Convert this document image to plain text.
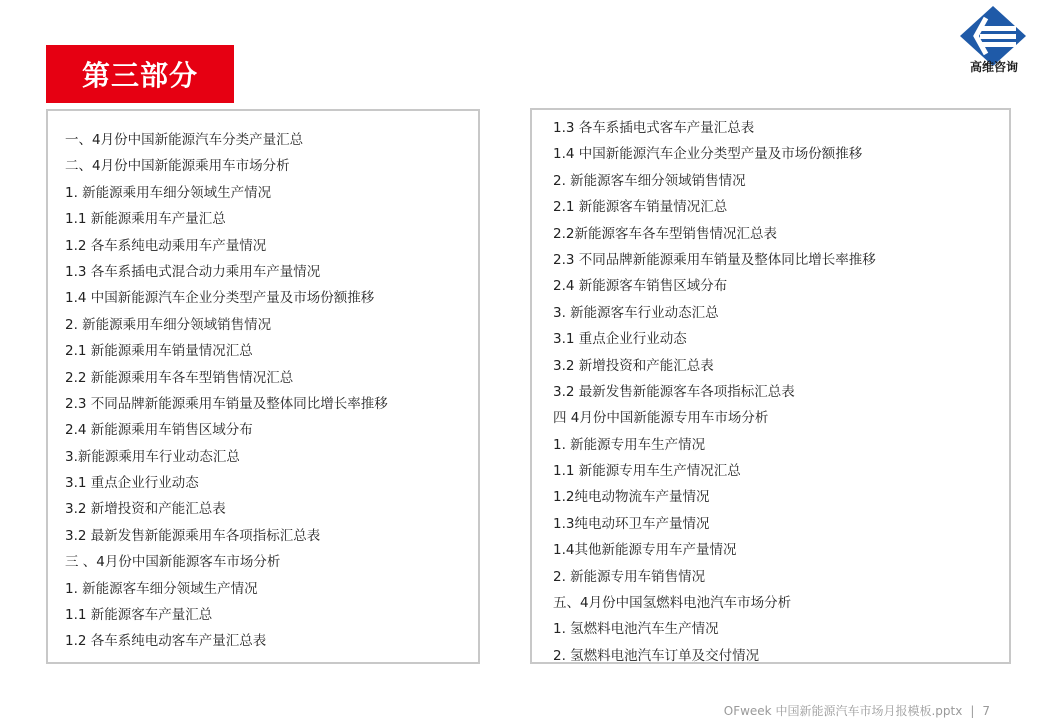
第三部分	高维咨询
一、4月份中国新能源汽车分类产量汇总
二、4月份中国新能源乘用车市场分析
1. 新能源乘用车细分领域生产情况
1.1 新能源乘用车产量汇总
1.2 各车系纯电动乘用车产量情况
1.3 各车系插电式混合动力乘用车产量情况
1.4 中国新能源汽车企业分类型产量及市场份额推移
2. 新能源乘用车细分领域销售情况
2.1 新能源乘用车销量情况汇总
2.2 新能源乘用车各车型销售情况汇总
2.3 不同品牌新能源乘用车销量及整体同比增长率推移
2.4 新能源乘用车销售区域分布
3.新能源乘用车行业动态汇总
3.1 重点企业行业动态
3.2 新增投资和产能汇总表
3.2 最新发售新能源乘用车各项指标汇总表
三 、4月份中国新能源客车市场分析
1. 新能源客车细分领域生产情况
1.1 新能源客车产量汇总
1.2 各车系纯电动客车产量汇总表
1.3 各车系插电式客车产量汇总表
1.4 中国新能源汽车企业分类型产量及市场份额推移
2. 新能源客车细分领域销售情况
2.1 新能源客车销量情况汇总
2.2新能源客车各车型销售情况汇总表
2.3 不同品牌新能源乘用车销量及整体同比增长率推移
2.4 新能源客车销售区域分布
3. 新能源客车行业动态汇总
3.1 重点企业行业动态
3.2 新增投资和产能汇总表
3.2 最新发售新能源客车各项指标汇总表
四 4月份中国新能源专用车市场分析
1. 新能源专用车生产情况
1.1 新能源专用车生产情况汇总
1.2纯电动物流车产量情况
1.3纯电动环卫车产量情况
1.4其他新能源专用车产量情况
2. 新能源专用车销售情况
五、4月份中国氢燃料电池汽车市场分析
1. 氢燃料电池汽车生产情况
2. 氢燃料电池汽车订单及交付情况
OFweek 中国新能源汽车市场月报模板.pptx | 7
